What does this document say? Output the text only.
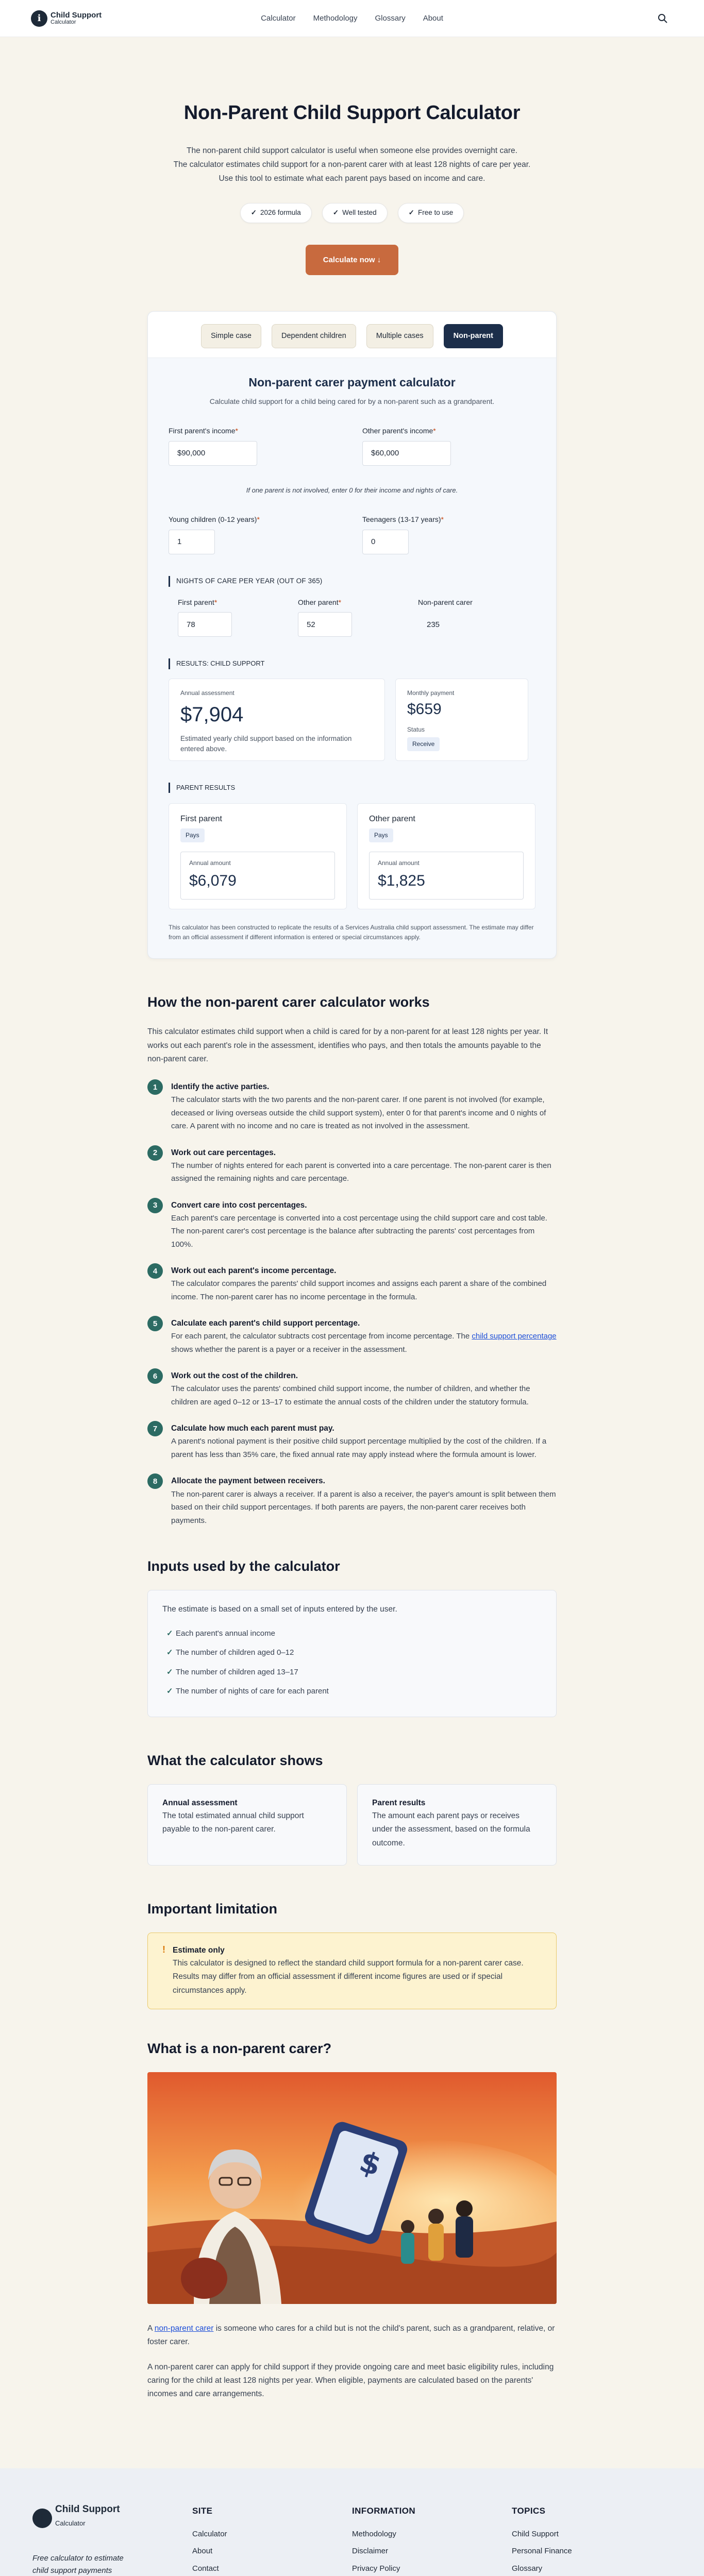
i	Child Support
Calculator	Calculator Methodology Glossary About
Non-Parent Child Support Calculator

The non-parent child support calculator is useful when someone else provides overnight care.

The calculator estimates child support for a non-parent carer with at least 128 nights of care per year.

Use this tool to estimate what each parent pays based on income and care.

✓ 2026 formula	✓ Well tested	✓ Free to use
Calculate now ↓
Simple case	Dependent children	Multiple cases	Non-parent
Non-parent carer payment calculator
Calculate child support for a child being cared for by a non-parent such as a grandparent.
First parent's income*
$90,000
Other parent's income*
$60,000
If one parent is not involved, enter 0 for their income and nights of care.
Young children (0-12 years)*
1
Teenagers (13-17 years)*
0
NIGHTS OF CARE PER YEAR (OUT OF 365)
First parent*
78
Other parent*
52
Non-parent carer
235
RESULTS: CHILD SUPPORT
Annual assessment
$7,904
Estimated yearly child support based on the information entered above.
Monthly payment
$659
Status
Receive
PARENT RESULTS
First parent
Pays
Annual amount
$6,079
Other parent
Pays
Annual amount
$1,825
This calculator has been constructed to replicate the results of a Services Australia child support assessment. The estimate may differ from an official assessment if different information is entered or special circumstances apply.
How the non-parent carer calculator works

This calculator estimates child support when a child is cared for by a non-parent for at least 128 nights per year. It works out each parent's role in the assessment, identifies who pays, and then totals the amounts payable to the non-parent carer.

1	Identify the active parties.

The calculator starts with the two parents and the non-parent carer. If one parent is not involved (for example, deceased or living overseas outside the child support system), enter 0 for that parent's income and 0 nights of care. A parent with no income and no care is treated as not involved in the assessment.

2	Work out care percentages.

The number of nights entered for each parent is converted into a care percentage. The non-parent carer is then assigned the remaining nights and care percentage.

3	Convert care into cost percentages.

Each parent's care percentage is converted into a cost percentage using the child support care and cost table. The non-parent carer's cost percentage is the balance after subtracting the parents' cost percentages from 100%.

4	Work out each parent's income percentage.

The calculator compares the parents' child support incomes and assigns each parent a share of the combined income. The non-parent carer has no income percentage in the formula.

5	Calculate each parent's child support percentage.

For each parent, the calculator subtracts cost percentage from income percentage. The child support percentage shows whether the parent is a payer or a receiver in the assessment.

6	Work out the cost of the children.

The calculator uses the parents' combined child support income, the number of children, and whether the children are aged 0–12 or 13–17 to estimate the annual costs of the children under the statutory formula.

7	Calculate how much each parent must pay.

A parent's notional payment is their positive child support percentage multiplied by the cost of the children. If a parent has less than 35% care, the fixed annual rate may apply instead where the formula amount is lower.

8	Allocate the payment between receivers.

The non-parent carer is always a receiver. If a parent is also a receiver, the payer's amount is split between them based on their child support percentages. If both parents are payers, the non-parent carer receives both payments.

Inputs used by the calculator

The estimate is based on a small set of inputs entered by the user.

✓ Each parent's annual income
✓ The number of children aged 0–12
✓ The number of children aged 13–17
✓ The number of nights of care for each parent
What the calculator shows
Annual assessment

The total estimated annual child support payable to the non-parent carer.

Parent results

The amount each parent pays or receives under the assessment, based on the formula outcome.

Important limitation
! Estimate only

This calculator is designed to reflect the standard child support formula for a non-parent carer case. Results may differ from an official assessment if different income figures are used or if special circumstances apply.

What is a non-parent carer?
$

A non-parent carer is someone who cares for a child but is not the child's parent, such as a grandparent, relative, or foster carer.

A non-parent carer can apply for child support if they provide ongoing care and meet basic eligibility rules, including caring for the child at least 128 nights per year. When eligible, payments are calculated based on the parents' incomes and care arrangements.

i
Child Support
Calculator
Free calculator to estimate child support payments
SITE
Calculator
About
Contact
INFORMATION
Methodology
Disclaimer
Privacy Policy
TOPICS
Child Support
Personal Finance
Glossary
